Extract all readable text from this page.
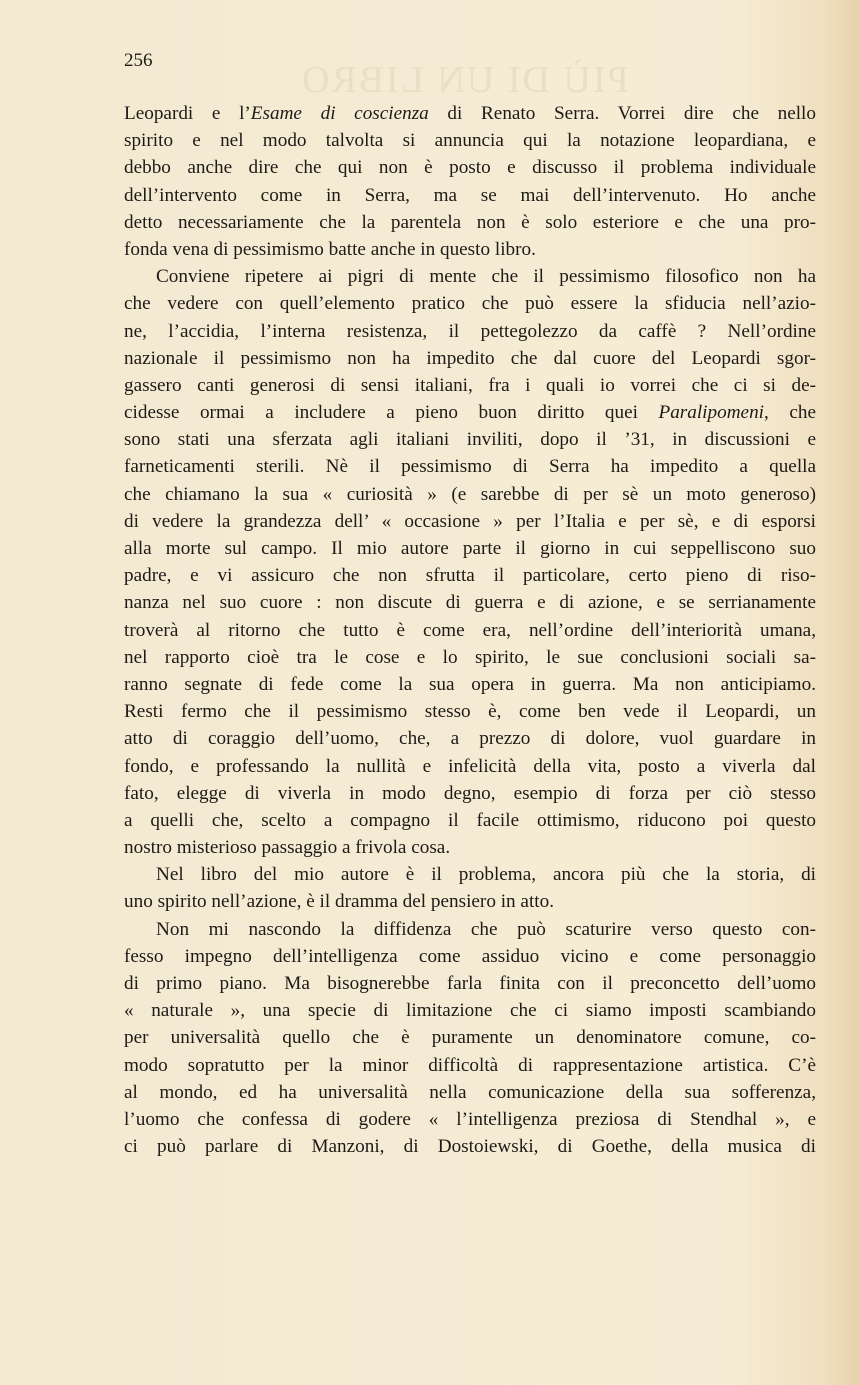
PIÙ DI UN LIBRO
256
Leopardi e l’Esame di coscienza di Renato Serra. Vorrei dire che nello
spirito e nel modo talvolta si annuncia qui la notazione leopardiana, e
debbo anche dire che qui non è posto e discusso il problema individuale
dell’intervento come in Serra, ma se mai dell’intervenuto. Ho anche
detto necessariamente che la parentela non è solo esteriore e che una pro-
fonda vena di pessimismo batte anche in questo libro.
Conviene ripetere ai pigri di mente che il pessimismo filosofico non ha
che vedere con quell’elemento pratico che può essere la sfiducia nell’azio-
ne, l’accidia, l’interna resistenza, il pettegolezzo da caffè ? Nell’ordine
nazionale il pessimismo non ha impedito che dal cuore del Leopardi sgor-
gassero canti generosi di sensi italiani, fra i quali io vorrei che ci si de-
cidesse ormai a includere a pieno buon diritto quei Paralipomeni, che
sono stati una sferzata agli italiani inviliti, dopo il ’31, in discussioni e
farneticamenti sterili. Nè il pessimismo di Serra ha impedito a quella
che chiamano la sua « curiosità » (e sarebbe di per sè un moto generoso)
di vedere la grandezza dell’ « occasione » per l’Italia e per sè, e di esporsi
alla morte sul campo. Il mio autore parte il giorno in cui seppelliscono suo
padre, e vi assicuro che non sfrutta il particolare, certo pieno di riso-
nanza nel suo cuore : non discute di guerra e di azione, e se serrianamente
troverà al ritorno che tutto è come era, nell’ordine dell’interiorità umana,
nel rapporto cioè tra le cose e lo spirito, le sue conclusioni sociali sa-
ranno segnate di fede come la sua opera in guerra. Ma non anticipiamo.
Resti fermo che il pessimismo stesso è, come ben vede il Leopardi, un
atto di coraggio dell’uomo, che, a prezzo di dolore, vuol guardare in
fondo, e professando la nullità e infelicità della vita, posto a viverla dal
fato, elegge di viverla in modo degno, esempio di forza per ciò stesso
a quelli che, scelto a compagno il facile ottimismo, riducono poi questo
nostro misterioso passaggio a frivola cosa.
Nel libro del mio autore è il problema, ancora più che la storia, di
uno spirito nell’azione, è il dramma del pensiero in atto.
Non mi nascondo la diffidenza che può scaturire verso questo con-
fesso impegno dell’intelligenza come assiduo vicino e come personaggio
di primo piano. Ma bisognerebbe farla finita con il preconcetto dell’uomo
« naturale », una specie di limitazione che ci siamo imposti scambiando
per universalità quello che è puramente un denominatore comune, co-
modo sopratutto per la minor difficoltà di rappresentazione artistica. C’è
al mondo, ed ha universalità nella comunicazione della sua sofferenza,
l’uomo che confessa di godere « l’intelligenza preziosa di Stendhal », e
ci può parlare di Manzoni, di Dostoiewski, di Goethe, della musica di
